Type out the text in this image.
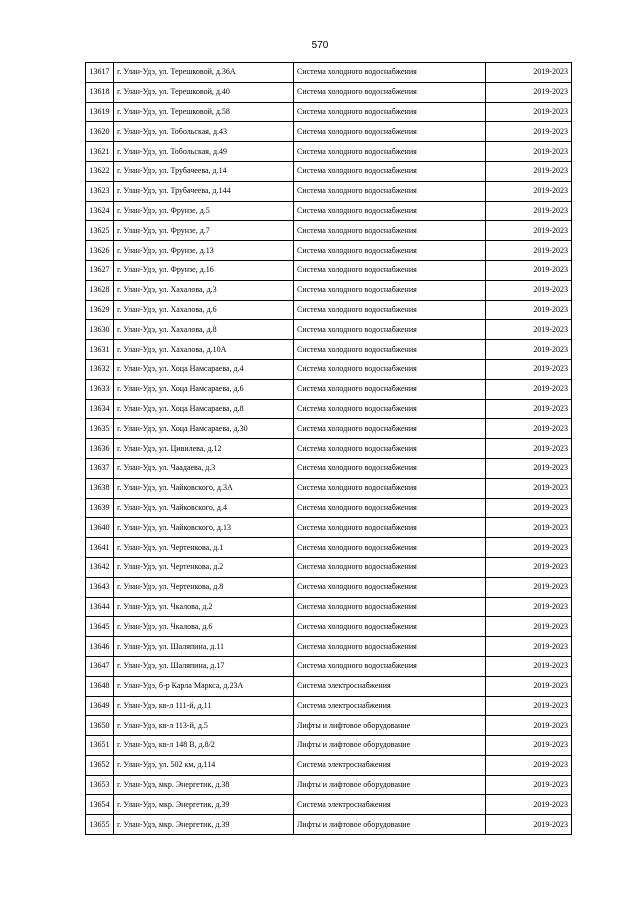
570
13617	г. Улан-Удэ, ул. Терешковой, д.36А	Система холодного водоснабжения	2019-2023
13618	г. Улан-Удэ, ул. Терешковой, д.40	Система холодного водоснабжения	2019-2023
13619	г. Улан-Удэ, ул. Терешковой, д.58	Система холодного водоснабжения	2019-2023
13620	г. Улан-Удэ, ул. Тобольская, д.43	Система холодного водоснабжения	2019-2023
13621	г. Улан-Удэ, ул. Тобольская, д.49	Система холодного водоснабжения	2019-2023
13622	г. Улан-Удэ, ул. Трубачеева, д.14	Система холодного водоснабжения	2019-2023
13623	г. Улан-Удэ, ул. Трубачеева, д.144	Система холодного водоснабжения	2019-2023
13624	г. Улан-Удэ, ул. Фрунзе, д.5	Система холодного водоснабжения	2019-2023
13625	г. Улан-Удэ, ул. Фрунзе, д.7	Система холодного водоснабжения	2019-2023
13626	г. Улан-Удэ, ул. Фрунзе, д.13	Система холодного водоснабжения	2019-2023
13627	г. Улан-Удэ, ул. Фрунзе, д.16	Система холодного водоснабжения	2019-2023
13628	г. Улан-Удэ, ул. Хахалова, д.3	Система холодного водоснабжения	2019-2023
13629	г. Улан-Удэ, ул. Хахалова, д.6	Система холодного водоснабжения	2019-2023
13630	г. Улан-Удэ, ул. Хахалова, д.8	Система холодного водоснабжения	2019-2023
13631	г. Улан-Удэ, ул. Хахалова, д.10А	Система холодного водоснабжения	2019-2023
13632	г. Улан-Удэ, ул. Хоца Намсараева, д.4	Система холодного водоснабжения	2019-2023
13633	г. Улан-Удэ, ул. Хоца Намсараева, д.6	Система холодного водоснабжения	2019-2023
13634	г. Улан-Удэ, ул. Хоца Намсараева, д.8	Система холодного водоснабжения	2019-2023
13635	г. Улан-Удэ, ул. Хоца Намсараева, д.30	Система холодного водоснабжения	2019-2023
13636	г. Улан-Удэ, ул. Цивилева, д.12	Система холодного водоснабжения	2019-2023
13637	г. Улан-Удэ, ул. Чаадаева, д.3	Система холодного водоснабжения	2019-2023
13638	г. Улан-Удэ, ул. Чайковского, д.3А	Система холодного водоснабжения	2019-2023
13639	г. Улан-Удэ, ул. Чайковского, д.4	Система холодного водоснабжения	2019-2023
13640	г. Улан-Удэ, ул. Чайковского, д.13	Система холодного водоснабжения	2019-2023
13641	г. Улан-Удэ, ул. Чертенкова, д.1	Система холодного водоснабжения	2019-2023
13642	г. Улан-Удэ, ул. Чертенкова, д.2	Система холодного водоснабжения	2019-2023
13643	г. Улан-Удэ, ул. Чертенкова, д.8	Система холодного водоснабжения	2019-2023
13644	г. Улан-Удэ, ул. Чкалова, д.2	Система холодного водоснабжения	2019-2023
13645	г. Улан-Удэ, ул. Чкалова, д.6	Система холодного водоснабжения	2019-2023
13646	г. Улан-Удэ, ул. Шаляпина, д.11	Система холодного водоснабжения	2019-2023
13647	г. Улан-Удэ, ул. Шаляпина, д.17	Система холодного водоснабжения	2019-2023
13648	г. Улан-Удэ, б-р Карла Маркса, д.23А	Система электроснабжения	2019-2023
13649	г. Улан-Удэ, кв-л 111-й, д.11	Система электроснабжения	2019-2023
13650	г. Улан-Удэ, кв-л 113-й, д.5	Лифты и лифтовое оборудование	2019-2023
13651	г. Улан-Удэ, кв-л 148 В, д.8/2	Лифты и лифтовое оборудование	2019-2023
13652	г. Улан-Удэ, ул. 502 км, д.114	Система электроснабжения	2019-2023
13653	г. Улан-Удэ, мкр. Энергетик, д.38	Лифты и лифтовое оборудование	2019-2023
13654	г. Улан-Удэ, мкр. Энергетик, д.39	Система электроснабжения	2019-2023
13655	г. Улан-Удэ, мкр. Энергетик, д.39	Лифты и лифтовое оборудование	2019-2023
